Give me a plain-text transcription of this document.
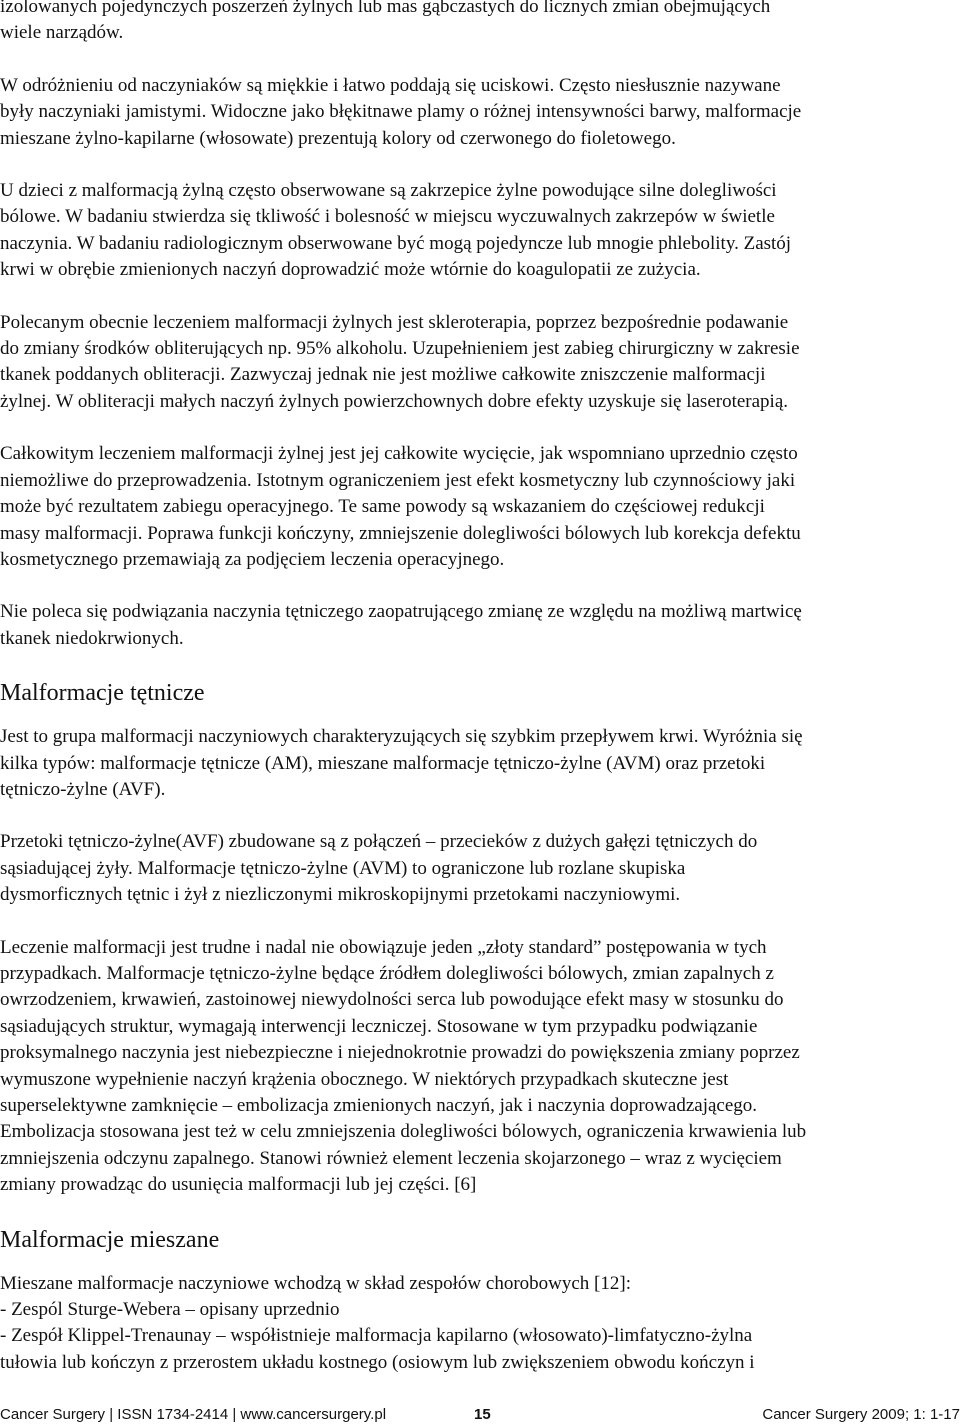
izolowanych pojedynczych poszerzeń żylnych lub mas gąbczastych do licznych zmian obejmujących
wiele narządów.

W odróżnieniu od naczyniaków są miękkie i łatwo poddają się uciskowi. Często niesłusznie nazywane
były naczyniaki jamistymi. Widoczne jako błękitnawe plamy o różnej intensywności barwy, malformacje
mieszane żylno-kapilarne (włosowate) prezentują kolory od czerwonego do fioletowego.

U dzieci z malformacją żylną często obserwowane są zakrzepice żylne powodujące silne dolegliwości
bólowe. W badaniu stwierdza się tkliwość i bolesność w miejscu wyczuwalnych zakrzepów w świetle
naczynia. W badaniu radiologicznym obserwowane być mogą pojedyncze lub mnogie phlebolity. Zastój
krwi w obrębie zmienionych naczyń doprowadzić może wtórnie do koagulopatii ze zużycia.

Polecanym obecnie leczeniem malformacji żylnych jest skleroterapia, poprzez bezpośrednie podawanie
do zmiany środków obliterujących np. 95% alkoholu. Uzupełnieniem jest zabieg chirurgiczny w zakresie
tkanek poddanych obliteracji. Zazwyczaj jednak nie jest możliwe całkowite zniszczenie malformacji
żylnej. W obliteracji małych naczyń żylnych powierzchownych dobre efekty uzyskuje się laseroterapią.

Całkowitym leczeniem malformacji żylnej jest jej całkowite wycięcie, jak wspomniano uprzednio często
niemożliwe do przeprowadzenia. Istotnym ograniczeniem jest efekt kosmetyczny lub czynnościowy jaki
może być rezultatem zabiegu operacyjnego. Te same powody są wskazaniem do częściowej redukcji
masy malformacji. Poprawa funkcji kończyny, zmniejszenie dolegliwości bólowych lub korekcja defektu
kosmetycznego przemawiają za podjęciem leczenia operacyjnego.

Nie poleca się podwiązania naczynia tętniczego zaopatrującego zmianę ze względu na możliwą martwicę
tkanek niedokrwionych.

Malformacje tętnicze

Jest to grupa malformacji naczyniowych charakteryzujących się szybkim przepływem krwi. Wyróżnia się
kilka typów: malformacje tętnicze (AM), mieszane malformacje tętniczo-żylne (AVM) oraz przetoki
tętniczo-żylne (AVF).

Przetoki tętniczo-żylne(AVF) zbudowane są z połączeń – przecieków z dużych gałęzi tętniczych do
sąsiadującej żyły. Malformacje tętniczo-żylne (AVM) to ograniczone lub rozlane skupiska
dysmorficznych tętnic i żył z niezliczonymi mikroskopijnymi przetokami naczyniowymi.

Leczenie malformacji jest trudne i nadal nie obowiązuje jeden „złoty standard” postępowania w tych
przypadkach. Malformacje tętniczo-żylne będące źródłem dolegliwości bólowych, zmian zapalnych z
owrzodzeniem, krwawień, zastoinowej niewydolności serca lub powodujące efekt masy w stosunku do
sąsiadujących struktur, wymagają interwencji leczniczej. Stosowane w tym przypadku podwiązanie
proksymalnego naczynia jest niebezpieczne i niejednokrotnie prowadzi do powiększenia zmiany poprzez
wymuszone wypełnienie naczyń krążenia obocznego. W niektórych przypadkach skuteczne jest
superselektywne zamknięcie – embolizacja zmienionych naczyń, jak i naczynia doprowadzającego.
Embolizacja stosowana jest też w celu zmniejszenia dolegliwości bólowych, ograniczenia krwawienia lub
zmniejszenia odczynu zapalnego. Stanowi również element leczenia skojarzonego – wraz z wycięciem
zmiany prowadząc do usunięcia malformacji lub jej części. [6]

Malformacje mieszane

Mieszane malformacje naczyniowe wchodzą w skład zespołów chorobowych [12]:
- Zespól Sturge-Webera – opisany uprzednio
- Zespół Klippel-Trenaunay – współistnieje malformacja kapilarno (włosowato)-limfatyczno-żylna
tułowia lub kończyn z przerostem układu kostnego (osiowym lub zwiększeniem obwodu kończyn i

Cancer Surgery | ISSN 1734-2414 | www.cancersurgery.pl	15	Cancer Surgery 2009; 1: 1-17
